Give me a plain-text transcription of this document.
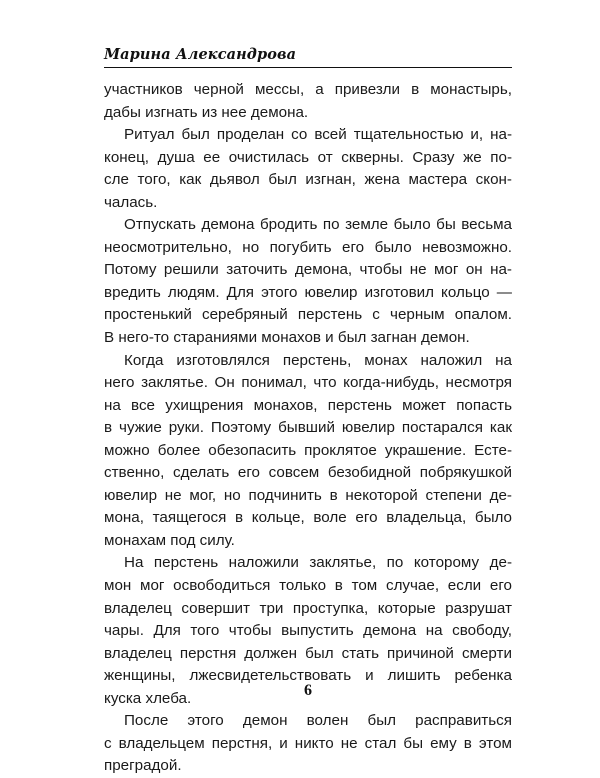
Марина Александрова
участников черной мессы, а привезли в монастырь,
дабы изгнать из нее демона.
Ритуал был проделан со всей тщательностью и, на-
конец, душа ее очистилась от скверны. Сразу же по-
сле того, как дьявол был изгнан, жена мастера скон-
чалась.
Отпускать демона бродить по земле было бы весьма
неосмотрительно, но погубить его было невозможно.
Потому решили заточить демона, чтобы не мог он на-
вредить людям. Для этого ювелир изготовил кольцо —
простенький серебряный перстень с черным опалом.
В него-то стараниями монахов и был загнан демон.
Когда изготовлялся перстень, монах наложил на
него заклятье. Он понимал, что когда-нибудь, несмотря
на все ухищрения монахов, перстень может попасть
в чужие руки. Поэтому бывший ювелир постарался как
можно более обезопасить проклятое украшение. Есте-
ственно, сделать его совсем безобидной побрякушкой
ювелир не мог, но подчинить в некоторой степени де-
мона, таящегося в кольце, воле его владельца, было
монахам под силу.
На перстень наложили заклятье, по которому де-
мон мог освободиться только в том случае, если его
владелец совершит три проступка, которые разрушат
чары. Для того чтобы выпустить демона на свободу,
владелец перстня должен был стать причиной смерти
женщины, лжесвидетельствовать и лишить ребенка
куска хлеба.
После этого демон волен был расправиться
с владельцем перстня, и никто не стал бы ему в этом
преградой.
6
